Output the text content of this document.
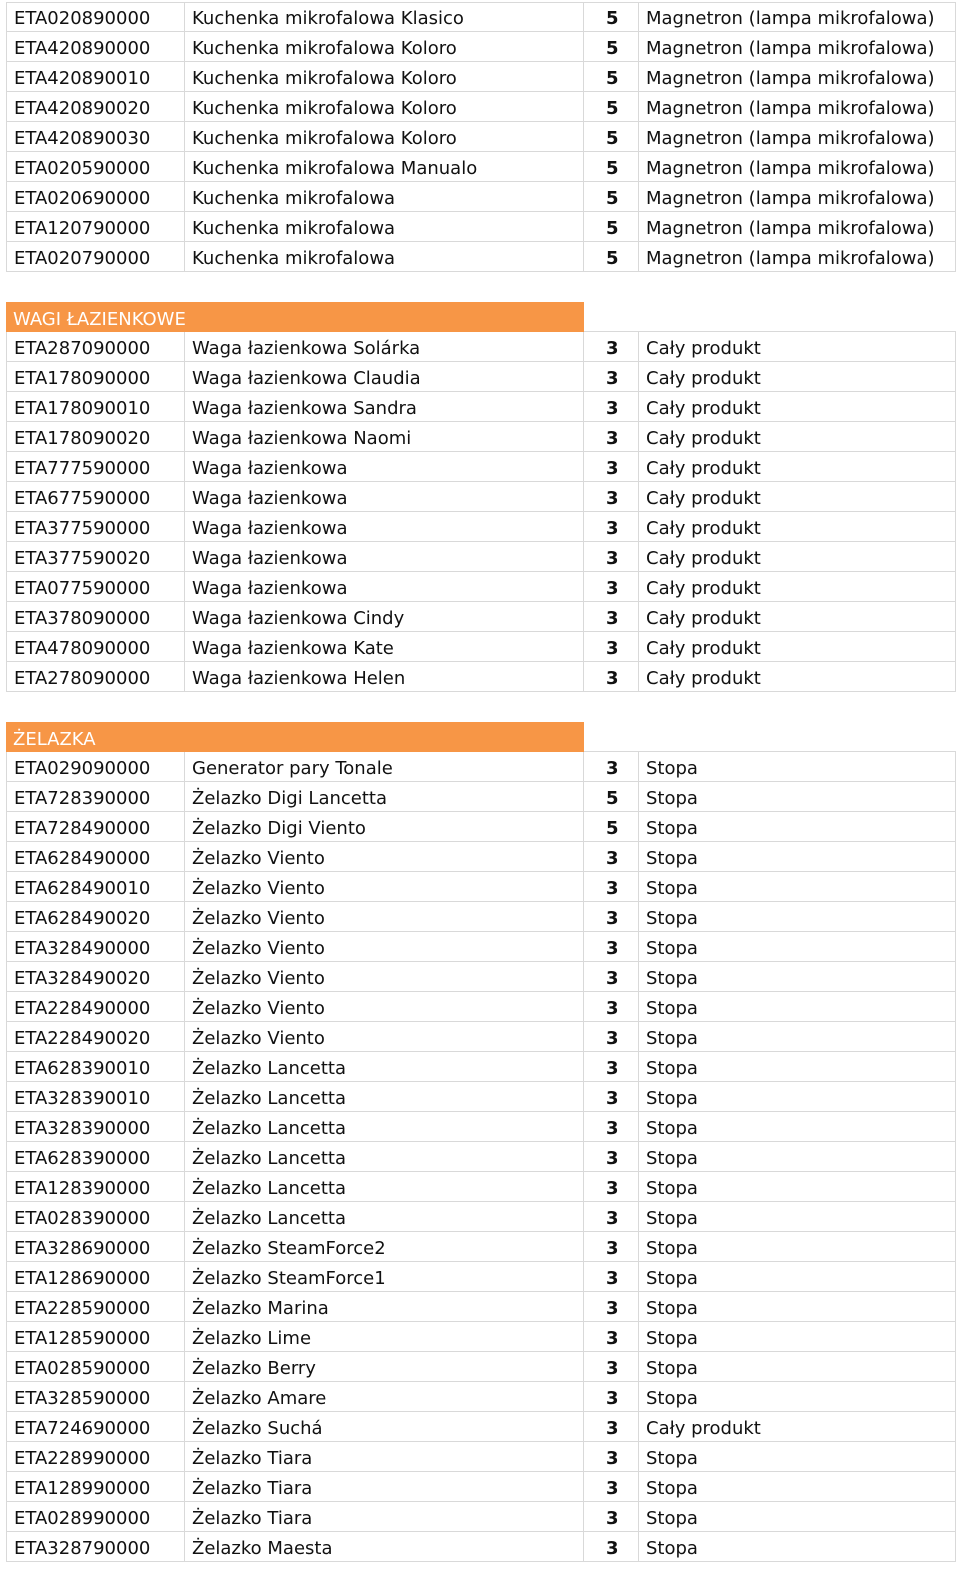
ETA020890000	Kuchenka mikrofalowa Klasico	5	Magnetron (lampa mikrofalowa)
ETA420890000	Kuchenka mikrofalowa Koloro	5	Magnetron (lampa mikrofalowa)
ETA420890010	Kuchenka mikrofalowa Koloro	5	Magnetron (lampa mikrofalowa)
ETA420890020	Kuchenka mikrofalowa Koloro	5	Magnetron (lampa mikrofalowa)
ETA420890030	Kuchenka mikrofalowa Koloro	5	Magnetron (lampa mikrofalowa)
ETA020590000	Kuchenka mikrofalowa Manualo	5	Magnetron (lampa mikrofalowa)
ETA020690000	Kuchenka mikrofalowa	5	Magnetron (lampa mikrofalowa)
ETA120790000	Kuchenka mikrofalowa	5	Magnetron (lampa mikrofalowa)
ETA020790000	Kuchenka mikrofalowa	5	Magnetron (lampa mikrofalowa)
WAGI ŁAZIENKOWE
ETA287090000	Waga łazienkowa Solárka	3	Cały produkt
ETA178090000	Waga łazienkowa Claudia	3	Cały produkt
ETA178090010	Waga łazienkowa Sandra	3	Cały produkt
ETA178090020	Waga łazienkowa Naomi	3	Cały produkt
ETA777590000	Waga łazienkowa	3	Cały produkt
ETA677590000	Waga łazienkowa	3	Cały produkt
ETA377590000	Waga łazienkowa	3	Cały produkt
ETA377590020	Waga łazienkowa	3	Cały produkt
ETA077590000	Waga łazienkowa	3	Cały produkt
ETA378090000	Waga łazienkowa Cindy	3	Cały produkt
ETA478090000	Waga łazienkowa Kate	3	Cały produkt
ETA278090000	Waga łazienkowa Helen	3	Cały produkt
ŻELAZKA
ETA029090000	Generator pary Tonale	3	Stopa
ETA728390000	Żelazko Digi Lancetta	5	Stopa
ETA728490000	Żelazko Digi Viento	5	Stopa
ETA628490000	Żelazko Viento	3	Stopa
ETA628490010	Żelazko Viento	3	Stopa
ETA628490020	Żelazko Viento	3	Stopa
ETA328490000	Żelazko Viento	3	Stopa
ETA328490020	Żelazko Viento	3	Stopa
ETA228490000	Żelazko Viento	3	Stopa
ETA228490020	Żelazko Viento	3	Stopa
ETA628390010	Żelazko Lancetta	3	Stopa
ETA328390010	Żelazko Lancetta	3	Stopa
ETA328390000	Żelazko Lancetta	3	Stopa
ETA628390000	Żelazko Lancetta	3	Stopa
ETA128390000	Żelazko Lancetta	3	Stopa
ETA028390000	Żelazko Lancetta	3	Stopa
ETA328690000	Żelazko SteamForce2	3	Stopa
ETA128690000	Żelazko SteamForce1	3	Stopa
ETA228590000	Żelazko Marina	3	Stopa
ETA128590000	Żelazko Lime	3	Stopa
ETA028590000	Żelazko Berry	3	Stopa
ETA328590000	Żelazko Amare	3	Stopa
ETA724690000	Żelazko Suchá	3	Cały produkt
ETA228990000	Żelazko Tiara	3	Stopa
ETA128990000	Żelazko Tiara	3	Stopa
ETA028990000	Żelazko Tiara	3	Stopa
ETA328790000	Żelazko Maesta	3	Stopa
